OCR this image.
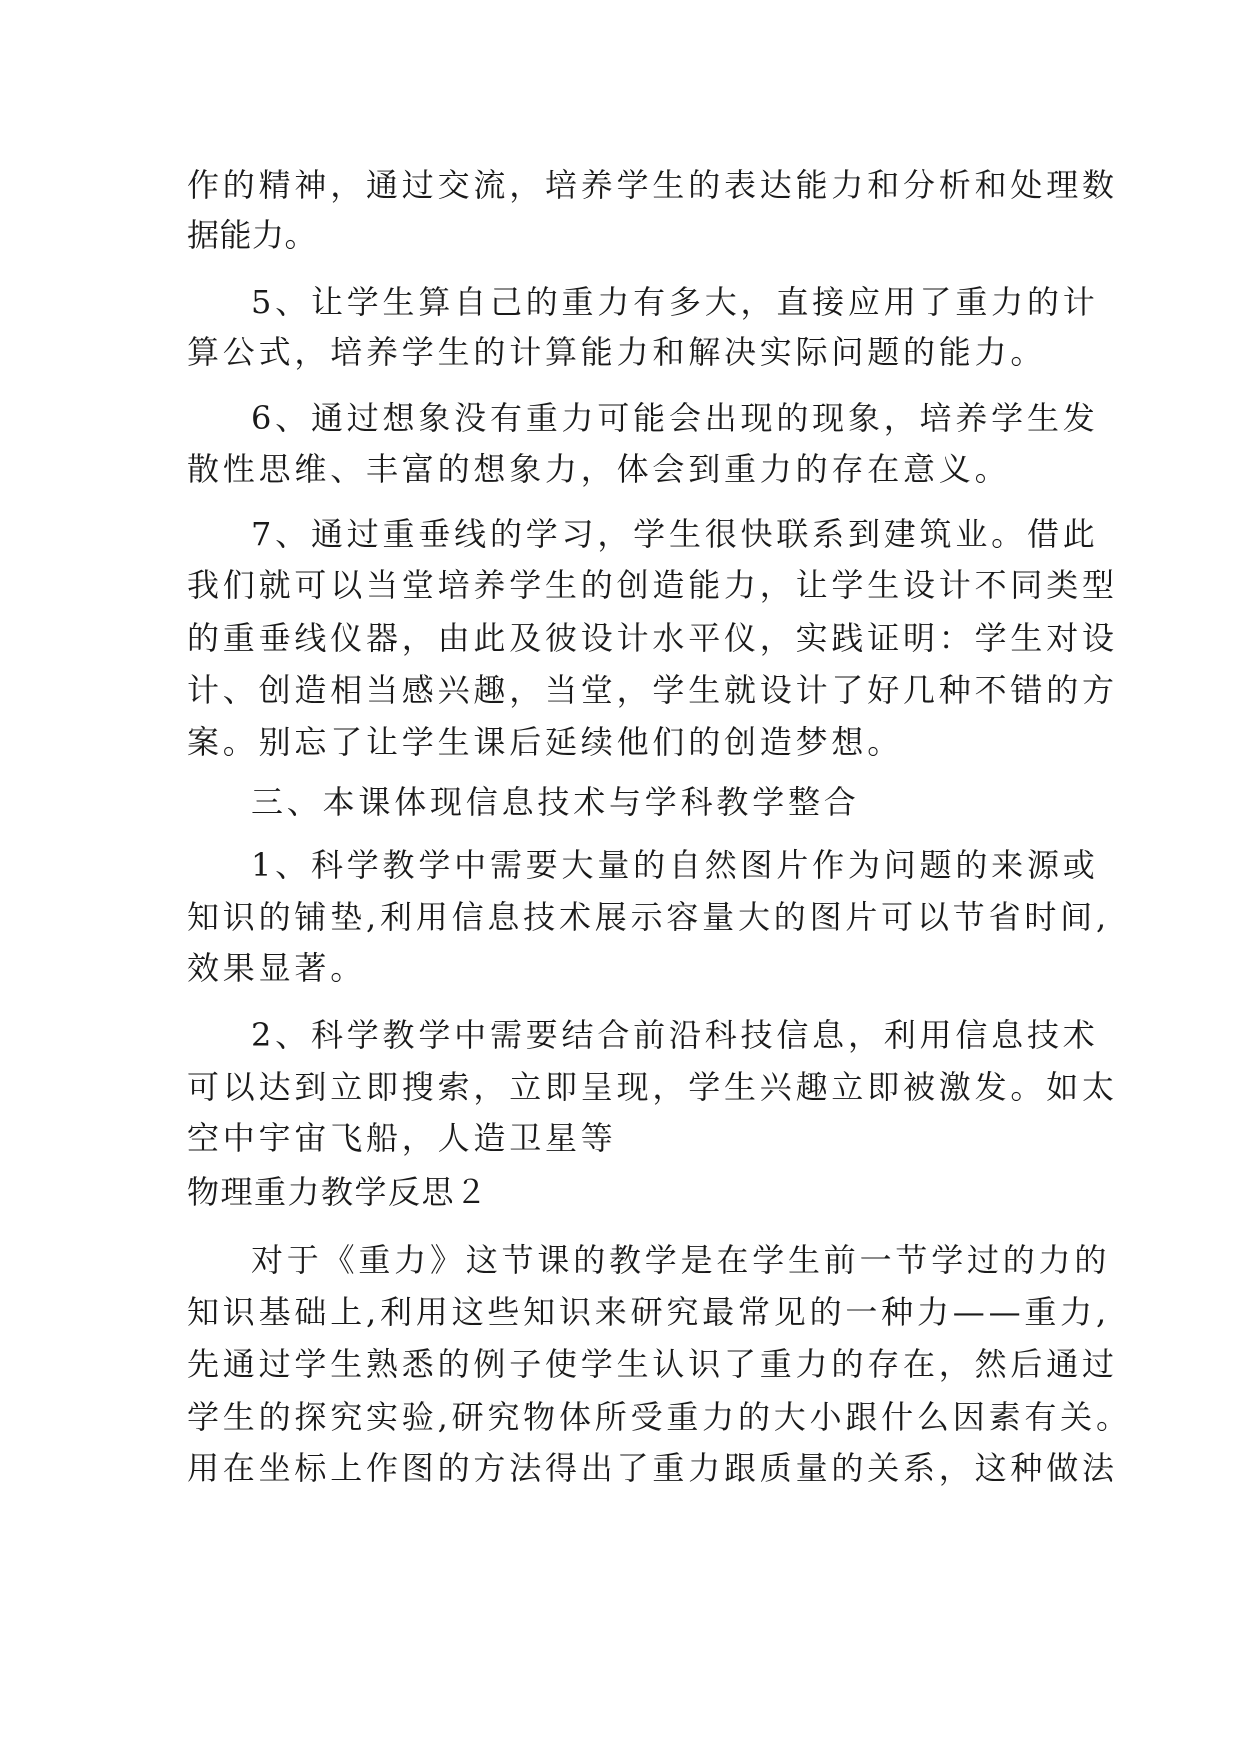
作的精神，通过交流，培养学生的表达能力和分析和处理数
据能力。
5、让学生算自己的重力有多大，直接应用了重力的计
算公式，培养学生的计算能力和解决实际问题的能力。
6、通过想象没有重力可能会出现的现象，培养学生发
散性思维、丰富的想象力，体会到重力的存在意义。
7、通过重垂线的学习，学生很快联系到建筑业。借此
我们就可以当堂培养学生的创造能力，让学生设计不同类型
的重垂线仪器，由此及彼设计水平仪，实践证明：学生对设
计、创造相当感兴趣，当堂，学生就设计了好几种不错的方
案。别忘了让学生课后延续他们的创造梦想。
三、本课体现信息技术与学科教学整合
1、科学教学中需要大量的自然图片作为问题的来源或
知识的铺垫,利用信息技术展示容量大的图片可以节省时间,
效果显著。
2、科学教学中需要结合前沿科技信息，利用信息技术
可以达到立即搜索，立即呈现，学生兴趣立即被激发。如太
空中宇宙飞船，人造卫星等
物理重力教学反思２
对于《重力》这节课的教学是在学生前一节学过的力的
知识基础上,利用这些知识来研究最常见的一种力——重力,
先通过学生熟悉的例子使学生认识了重力的存在，然后通过
学生的探究实验,研究物体所受重力的大小跟什么因素有关。
用在坐标上作图的方法得出了重力跟质量的关系，这种做法
